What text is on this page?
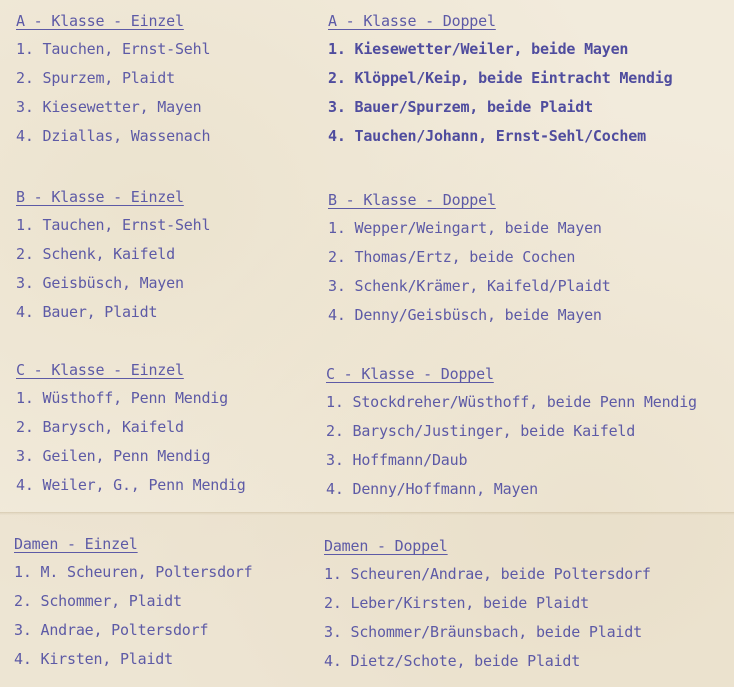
A - Klasse - Einzel
1. Tauchen, Ernst-Sehl
2. Spurzem, Plaidt
3. Kiesewetter, Mayen
4. Dziallas, Wassenach
A - Klasse - Doppel
1. Kiesewetter/Weiler, beide Mayen
2. Klöppel/Keip, beide Eintracht Mendig
3. Bauer/Spurzem, beide Plaidt
4. Tauchen/Johann, Ernst-Sehl/Cochem
B - Klasse - Einzel
1. Tauchen, Ernst-Sehl
2. Schenk, Kaifeld
3. Geisbüsch, Mayen
4. Bauer, Plaidt
B - Klasse - Doppel
1. Wepper/Weingart, beide Mayen
2. Thomas/Ertz, beide Cochen
3. Schenk/Krämer, Kaifeld/Plaidt
4. Denny/Geisbüsch, beide Mayen
C - Klasse - Einzel
1. Wüsthoff, Penn Mendig
2. Barysch, Kaifeld
3. Geilen, Penn Mendig
4. Weiler, G., Penn Mendig
C - Klasse - Doppel
1. Stockdreher/Wüsthoff, beide Penn Mendig
2. Barysch/Justinger, beide Kaifeld
3. Hoffmann/Daub
4. Denny/Hoffmann, Mayen
Damen - Einzel
1. M. Scheuren, Poltersdorf
2. Schommer, Plaidt
3. Andrae, Poltersdorf
4. Kirsten, Plaidt
Damen - Doppel
1. Scheuren/Andrae, beide Poltersdorf
2. Leber/Kirsten, beide Plaidt
3. Schommer/Bräunsbach, beide Plaidt
4. Dietz/Schote, beide Plaidt
